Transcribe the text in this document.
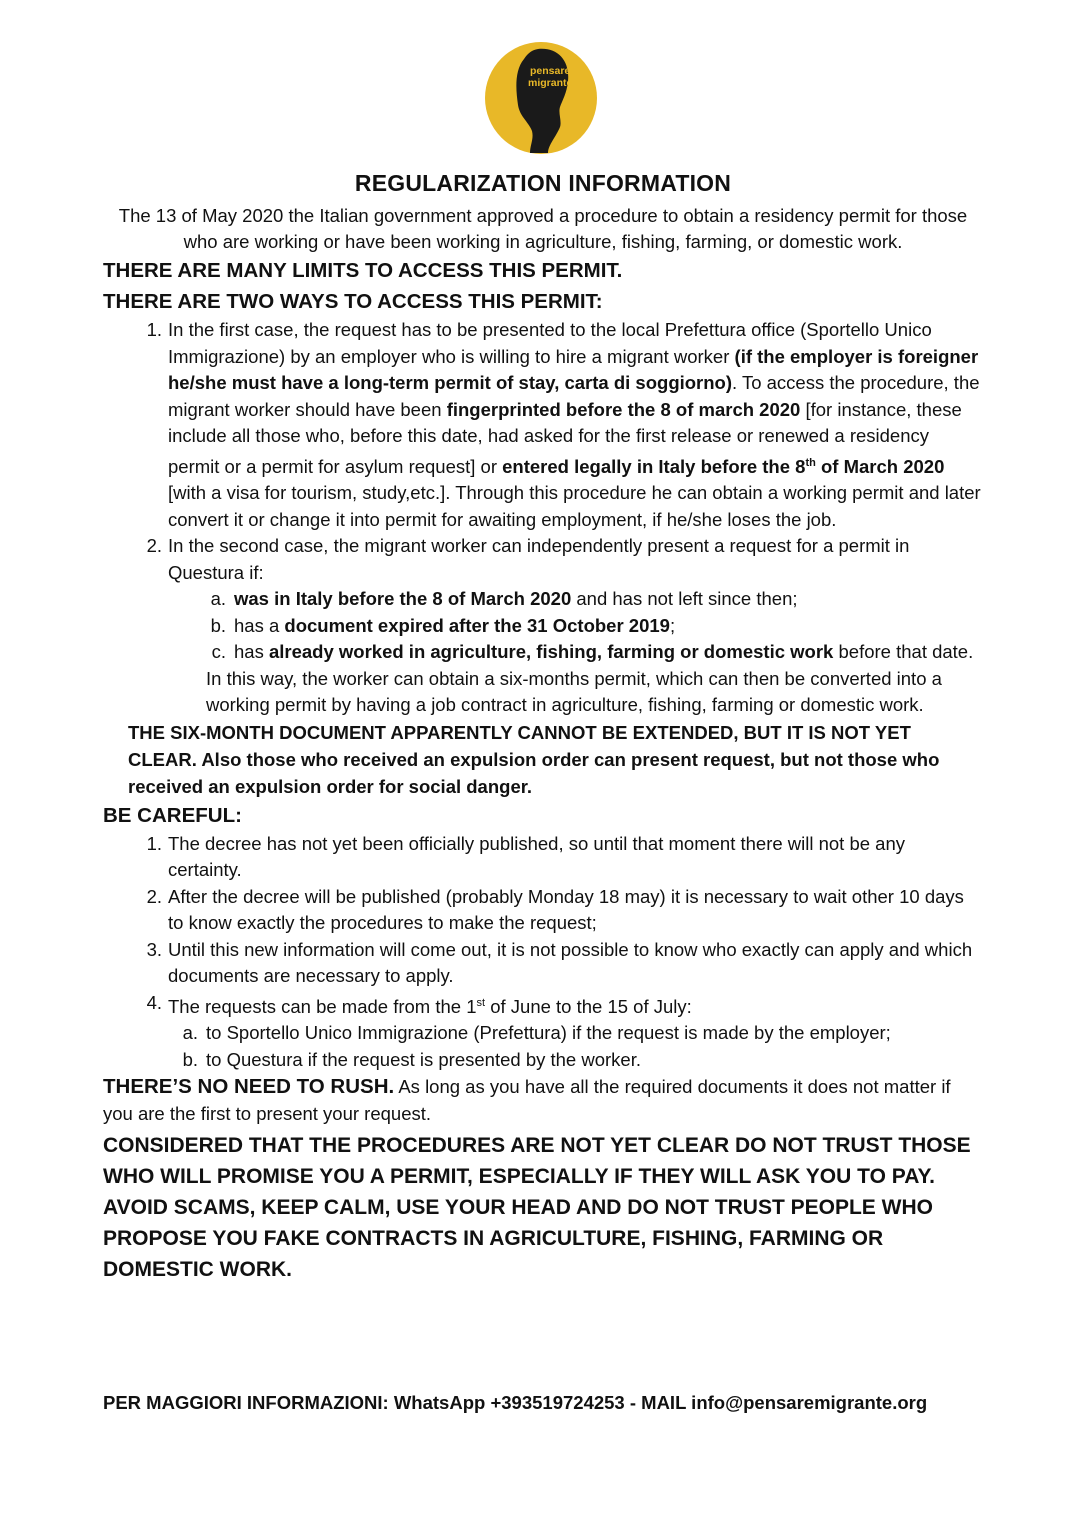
pensare
migrante
REGULARIZATION INFORMATION

The 13 of May 2020 the Italian government approved a procedure to obtain a residency permit for those who are working or have been working in agriculture, fishing, farming, or domestic work.

THERE ARE MANY LIMITS TO ACCESS THIS PERMIT.

THERE ARE TWO WAYS TO ACCESS THIS PERMIT:

1. In the first case, the request has to be presented to the local Prefettura office (Sportello Unico Immigrazione) by an employer who is willing to hire a migrant worker (if the employer is foreigner he/she must have a long-term permit of stay, carta di soggiorno). To access the procedure, the migrant worker should have been fingerprinted before the 8 of march 2020 [for instance, these include all those who, before this date, had asked for the first release or renewed a residency permit or a permit for asylum request] or entered legally in Italy before the 8th of March 2020 [with a visa for tourism, study,etc.]. Through this procedure he can obtain a working permit and later convert it or change it into permit for awaiting employment, if he/she loses the job.
2. In the second case, the migrant worker can independently present a request for a permit in Questura if:
a. was in Italy before the 8 of March 2020 and has not left since then;
b. has a document expired after the 31 October 2019;
c. has already worked in agriculture, fishing, farming or domestic work before that date.
In this way, the worker can obtain a six-months permit, which can then be converted into a working permit by having a job contract in agriculture, fishing, farming or domestic work.

THE SIX-MONTH DOCUMENT APPARENTLY CANNOT BE EXTENDED, BUT IT IS NOT YET CLEAR. Also those who received an expulsion order can present request, but not those who received an expulsion order for social danger.

BE CAREFUL:

1. The decree has not yet been officially published, so until that moment there will not be any certainty.
2. After the decree will be published (probably Monday 18 may) it is necessary to wait other 10 days to know exactly the procedures to make the request;
3. Until this new information will come out, it is not possible to know who exactly can apply and which documents are necessary to apply.
4. The requests can be made from the 1st of June to the 15 of July:
a. to Sportello Unico Immigrazione (Prefettura) if the request is made by the employer;
b. to Questura if the request is presented by the worker.

THERE’S NO NEED TO RUSH. As long as you have all the required documents it does not matter if you are the first to present your request.

CONSIDERED THAT THE PROCEDURES ARE NOT YET CLEAR DO NOT TRUST THOSE WHO WILL PROMISE YOU A PERMIT, ESPECIALLY IF THEY WILL ASK YOU TO PAY. AVOID SCAMS, KEEP CALM, USE YOUR HEAD AND DO NOT TRUST PEOPLE WHO PROPOSE YOU FAKE CONTRACTS IN AGRICULTURE, FISHING, FARMING OR DOMESTIC WORK.

PER MAGGIORI INFORMAZIONI: WhatsApp +393519724253 - MAIL info@pensaremigrante.org
